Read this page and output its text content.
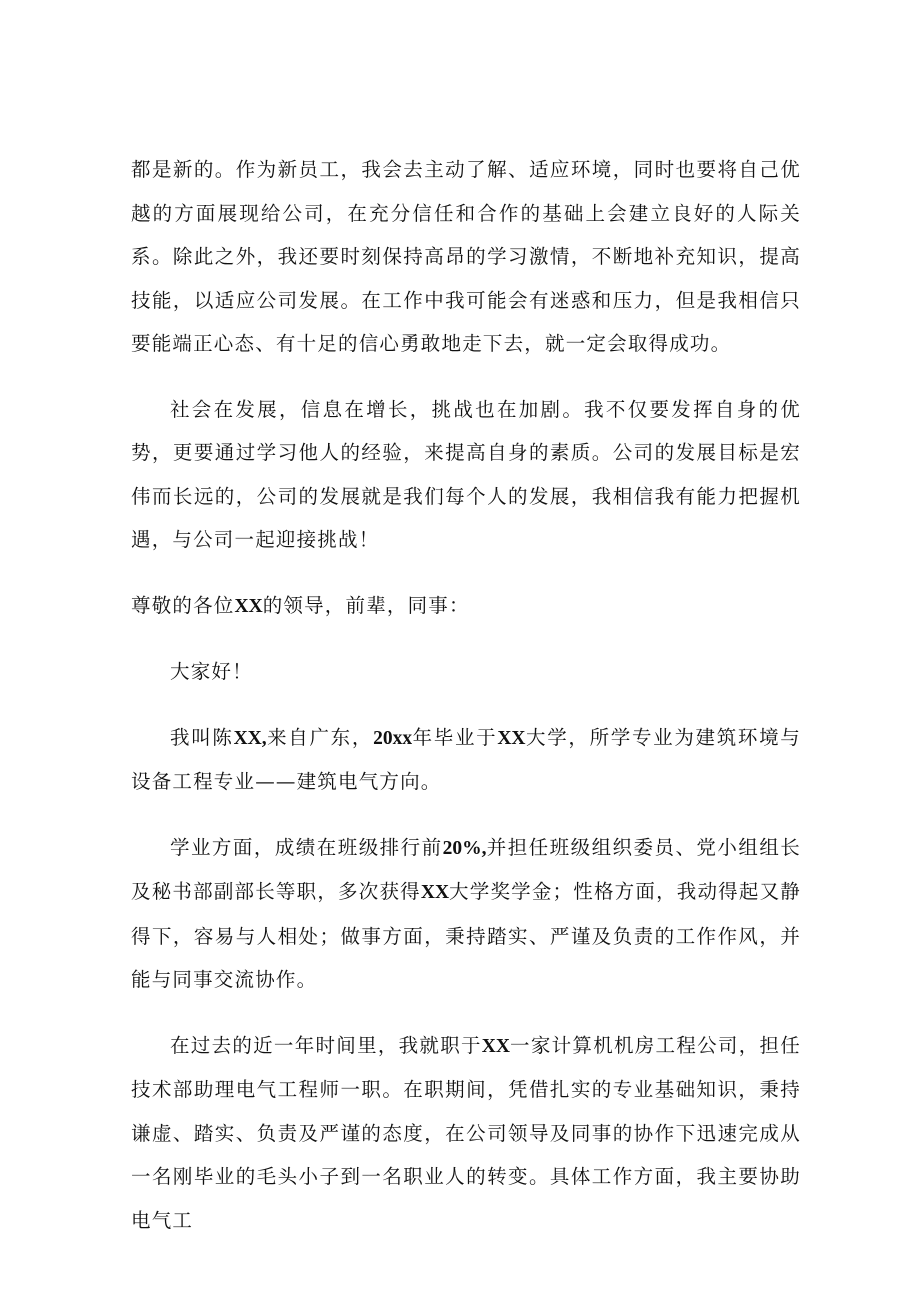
都是新的。作为新员工，我会去主动了解、适应环境，同时也要将自己优越的方面展现给公司，在充分信任和合作的基础上会建立良好的人际关系。除此之外，我还要时刻保持高昂的学习激情，不断地补充知识，提高技能，以适应公司发展。在工作中我可能会有迷惑和压力，但是我相信只要能端正心态、有十足的信心勇敢地走下去，就一定会取得成功。

社会在发展，信息在增长，挑战也在加剧。我不仅要发挥自身的优势，更要通过学习他人的经验，来提高自身的素质。公司的发展目标是宏伟而长远的，公司的发展就是我们每个人的发展，我相信我有能力把握机遇，与公司一起迎接挑战！

尊敬的各位XX的领导，前辈，同事：

大家好！

我叫陈XX,来自广东，20xx年毕业于XX大学，所学专业为建筑环境与设备工程专业——建筑电气方向。

学业方面，成绩在班级排行前20%,并担任班级组织委员、党小组组长及秘书部副部长等职，多次获得XX大学奖学金；性格方面，我动得起又静得下，容易与人相处；做事方面，秉持踏实、严谨及负责的工作作风，并能与同事交流协作。

在过去的近一年时间里，我就职于XX一家计算机机房工程公司，担任技术部助理电气工程师一职。在职期间，凭借扎实的专业基础知识，秉持谦虚、踏实、负责及严谨的态度，在公司领导及同事的协作下迅速完成从一名刚毕业的毛头小子到一名职业人的转变。具体工作方面，我主要协助电气工
